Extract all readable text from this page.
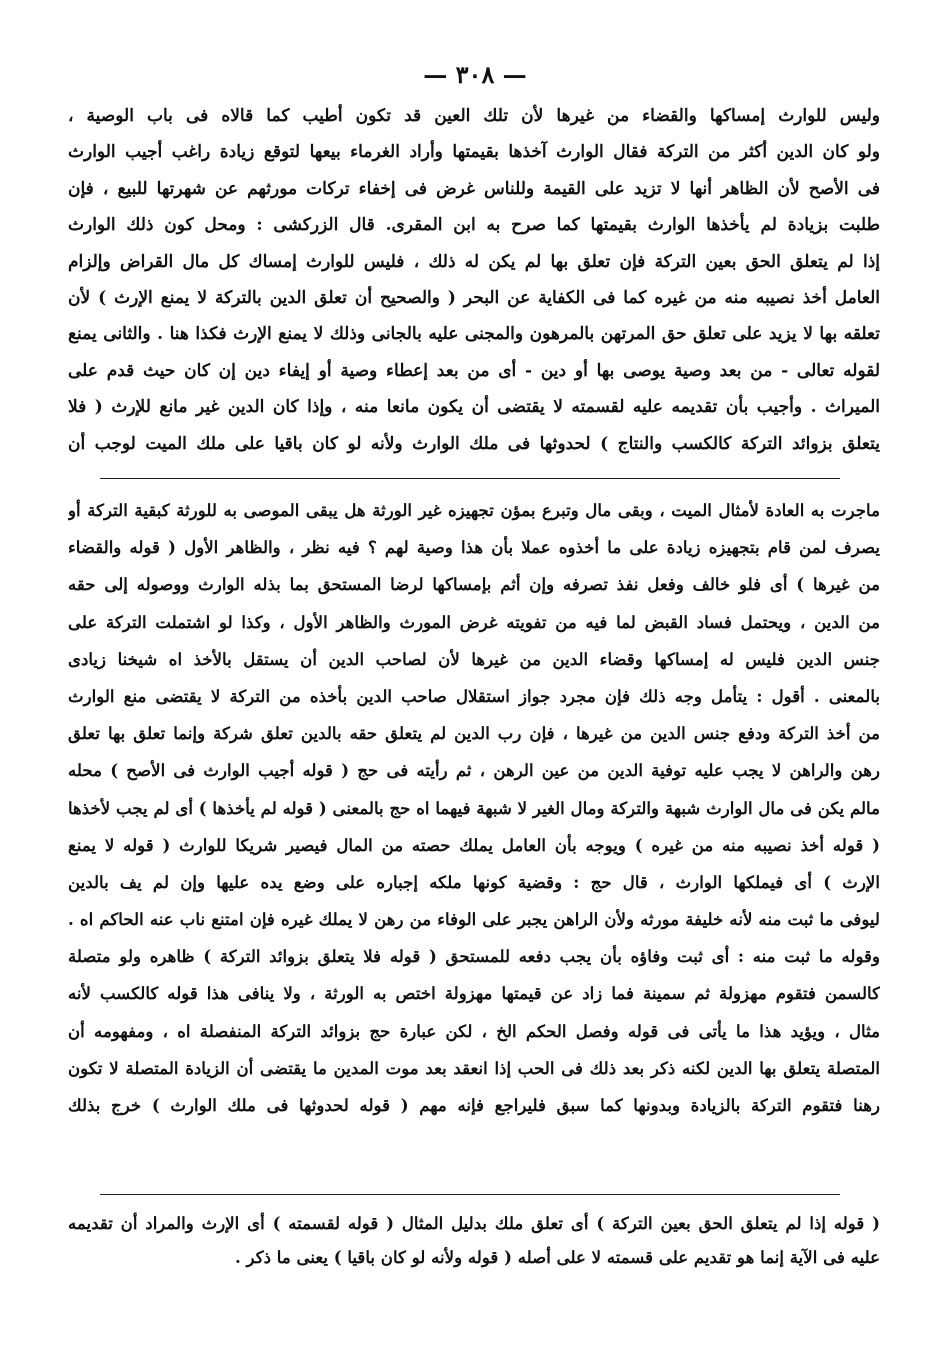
— ٣٠٨ —
وليس للوارث إمساكها والقضاء من غيرها لأن تلك العين قد تكون أطيب كما قالاه فى باب الوصية ،
ولو كان الدين أكثر من التركة فقال الوارث آخذها بقيمتها وأراد الغرماء بيعها لتوقع زيادة راغب أجيب الوارث
فى الأصح لأن الظاهر أنها لا تزيد على القيمة وللناس غرض فى إخفاء تركات مورثهم عن شهرتها للبيع ، فإن
طلبت بزيادة لم يأخذها الوارث بقيمتها كما صرح به ابن المقرى. قال الزركشى : ومحل كون ذلك الوارث
إذا لم يتعلق الحق بعين التركة فإن تعلق بها لم يكن له ذلك ، فليس للوارث إمساك كل مال القراض وإلزام
العامل أخذ نصيبه منه من غيره كما فى الكفاية عن البحر ( والصحيح أن تعلق الدين بالتركة لا يمنع الإرث ) لأن
تعلقه بها لا يزيد على تعلق حق المرتهن بالمرهون والمجنى عليه بالجانى وذلك لا يمنع الإرث فكذا هنا . والثانى يمنع
لقوله تعالى - من بعد وصية يوصى بها أو دين - أى من بعد إعطاء وصية أو إيفاء دين إن كان حيث قدم على
الميراث . وأجيب بأن تقديمه عليه لقسمته لا يقتضى أن يكون مانعا منه ، وإذا كان الدين غير مانع للإرث ( فلا
يتعلق بزوائد التركة كالكسب والنتاج ) لحدوثها فى ملك الوارث ولأنه لو كان باقيا على ملك الميت لوجب أن
ماجرت به العادة لأمثال الميت ، وبقى مال وتبرع بمؤن تجهيزه غير الورثة هل يبقى الموصى به للورثة كبقية التركة أو
يصرف لمن قام بتجهيزه زيادة على ما أخذوه عملا بأن هذا وصية لهم ؟ فيه نظر ، والظاهر الأول ( قوله والقضاء
من غيرها ) أى فلو خالف وفعل نفذ تصرفه وإن أثم بإمساكها لرضا المستحق بما بذله الوارث ووصوله إلى حقه
من الدين ، ويحتمل فساد القبض لما فيه من تفويته غرض المورث والظاهر الأول ، وكذا لو اشتملت التركة على
جنس الدين فليس له إمساكها وقضاء الدين من غيرها لأن لصاحب الدين أن يستقل بالأخذ اه شيخنا زيادى
بالمعنى . أقول : يتأمل وجه ذلك فإن مجرد جواز استقلال صاحب الدين بأخذه من التركة لا يقتضى منع الوارث
من أخذ التركة ودفع جنس الدين من غيرها ، فإن رب الدين لم يتعلق حقه بالدين تعلق شركة وإنما تعلق بها تعلق
رهن والراهن لا يجب عليه توفية الدين من عين الرهن ، ثم رأيته فى حج ( قوله أجيب الوارث فى الأصح ) محله
مالم يكن فى مال الوارث شبهة والتركة ومال الغير لا شبهة فيهما اه حج بالمعنى ( قوله لم يأخذها ) أى لم يجب لأخذها
( قوله أخذ نصيبه منه من غيره ) ويوجه بأن العامل يملك حصته من المال فيصير شريكا للوارث ( قوله لا يمنع
الإرث ) أى فيملكها الوارث ، قال حج : وقضية كونها ملكه إجباره على وضع يده عليها وإن لم يف بالدين
ليوفى ما ثبت منه لأنه خليفة مورثه ولأن الراهن يجبر على الوفاء من رهن لا يملك غيره فإن امتنع ناب عنه الحاكم اه .
وقوله ما ثبت منه : أى ثبت وفاؤه بأن يجب دفعه للمستحق ( قوله فلا يتعلق بزوائد التركة ) ظاهره ولو متصلة
كالسمن فتقوم مهزولة ثم سمينة فما زاد عن قيمتها مهزولة اختص به الورثة ، ولا ينافى هذا قوله كالكسب لأنه
مثال ، ويؤيد هذا ما يأتى فى قوله وفصل الحكم الخ ، لكن عبارة حج بزوائد التركة المنفصلة اه ، ومفهومه أن
المتصلة يتعلق بها الدين لكنه ذكر بعد ذلك فى الحب إذا انعقد بعد موت المدين ما يقتضى أن الزيادة المتصلة لا تكون
رهنا فتقوم التركة بالزيادة وبدونها كما سبق فليراجع فإنه مهم ( قوله لحدوثها فى ملك الوارث ) خرج بذلك
( قوله إذا لم يتعلق الحق بعين التركة ) أى تعلق ملك بدليل المثال ( قوله لقسمته ) أى الإرث والمراد أن تقديمه
عليه فى الآية إنما هو تقديم على قسمته لا على أصله ( قوله ولأنه لو كان باقيا ) يعنى ما ذكر .
